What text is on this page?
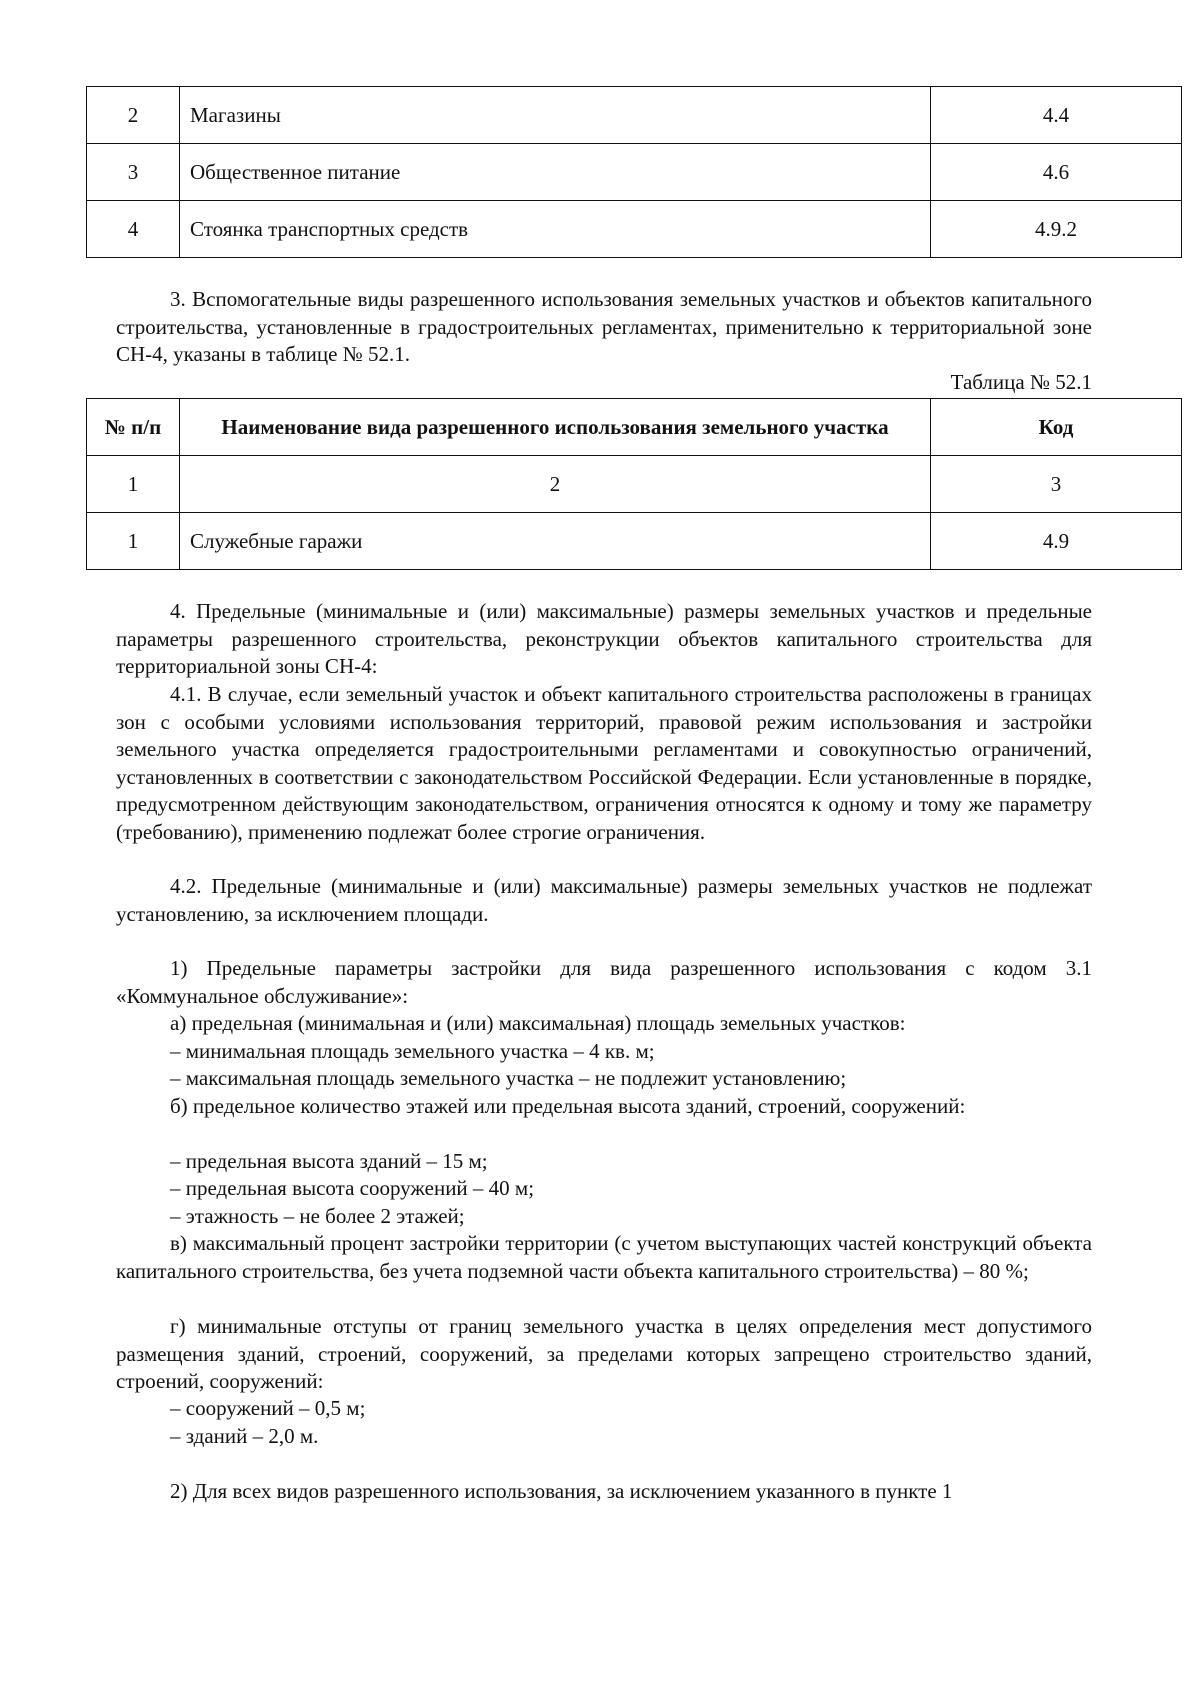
2	Магазины	4.4
3	Общественное питание	4.6
4	Стоянка транспортных средств	4.9.2

3. Вспомогательные виды разрешенного использования земельных участков и объектов капитального строительства, установленные в градостроительных регламентах, применительно к территориальной зоне СН-4, указаны в таблице № 52.1.

Таблица № 52.1
№ п/п	Наименование вида разрешенного использования земельного участка	Код
1	2	3
1	Служебные гаражи	4.9

4. Предельные (минимальные и (или) максимальные) размеры земельных участков и предельные параметры разрешенного строительства, реконструкции объектов капитального строительства для территориальной зоны СН-4:

4.1. В случае, если земельный участок и объект капитального строительства расположены в границах зон с особыми условиями использования территорий, правовой режим использования и застройки земельного участка определяется градостроительными регламентами и совокупностью ограничений, установленных в соответствии с законодательством Российской Федерации. Если установленные в порядке, предусмотренном действующим законодательством, ограничения относятся к одному и тому же параметру (требованию), применению подлежат более строгие ограничения.

4.2. Предельные (минимальные и (или) максимальные) размеры земельных участков не подлежат установлению, за исключением площади.

1) Предельные параметры застройки для вида разрешенного использования с кодом 3.1 «Коммунальное обслуживание»:

а) предельная (минимальная и (или) максимальная) площадь земельных участков:
– минимальная площадь земельного участка – 4 кв. м;
– максимальная площадь земельного участка – не подлежит установлению;

б) предельное количество этажей или предельная высота зданий, строений, сооружений:

– предельная высота зданий – 15 м;
– предельная высота сооружений – 40 м;
– этажность – не более 2 этажей;

в) максимальный процент застройки территории (с учетом выступающих частей конструкций объекта капитального строительства, без учета подземной части объекта капитального строительства) – 80 %;

г) минимальные отступы от границ земельного участка в целях определения мест допустимого размещения зданий, строений, сооружений, за пределами которых запрещено строительство зданий, строений, сооружений:

– сооружений – 0,5 м;
– зданий – 2,0 м.
2) Для всех видов разрешенного использования, за исключением указанного в пункте 1
